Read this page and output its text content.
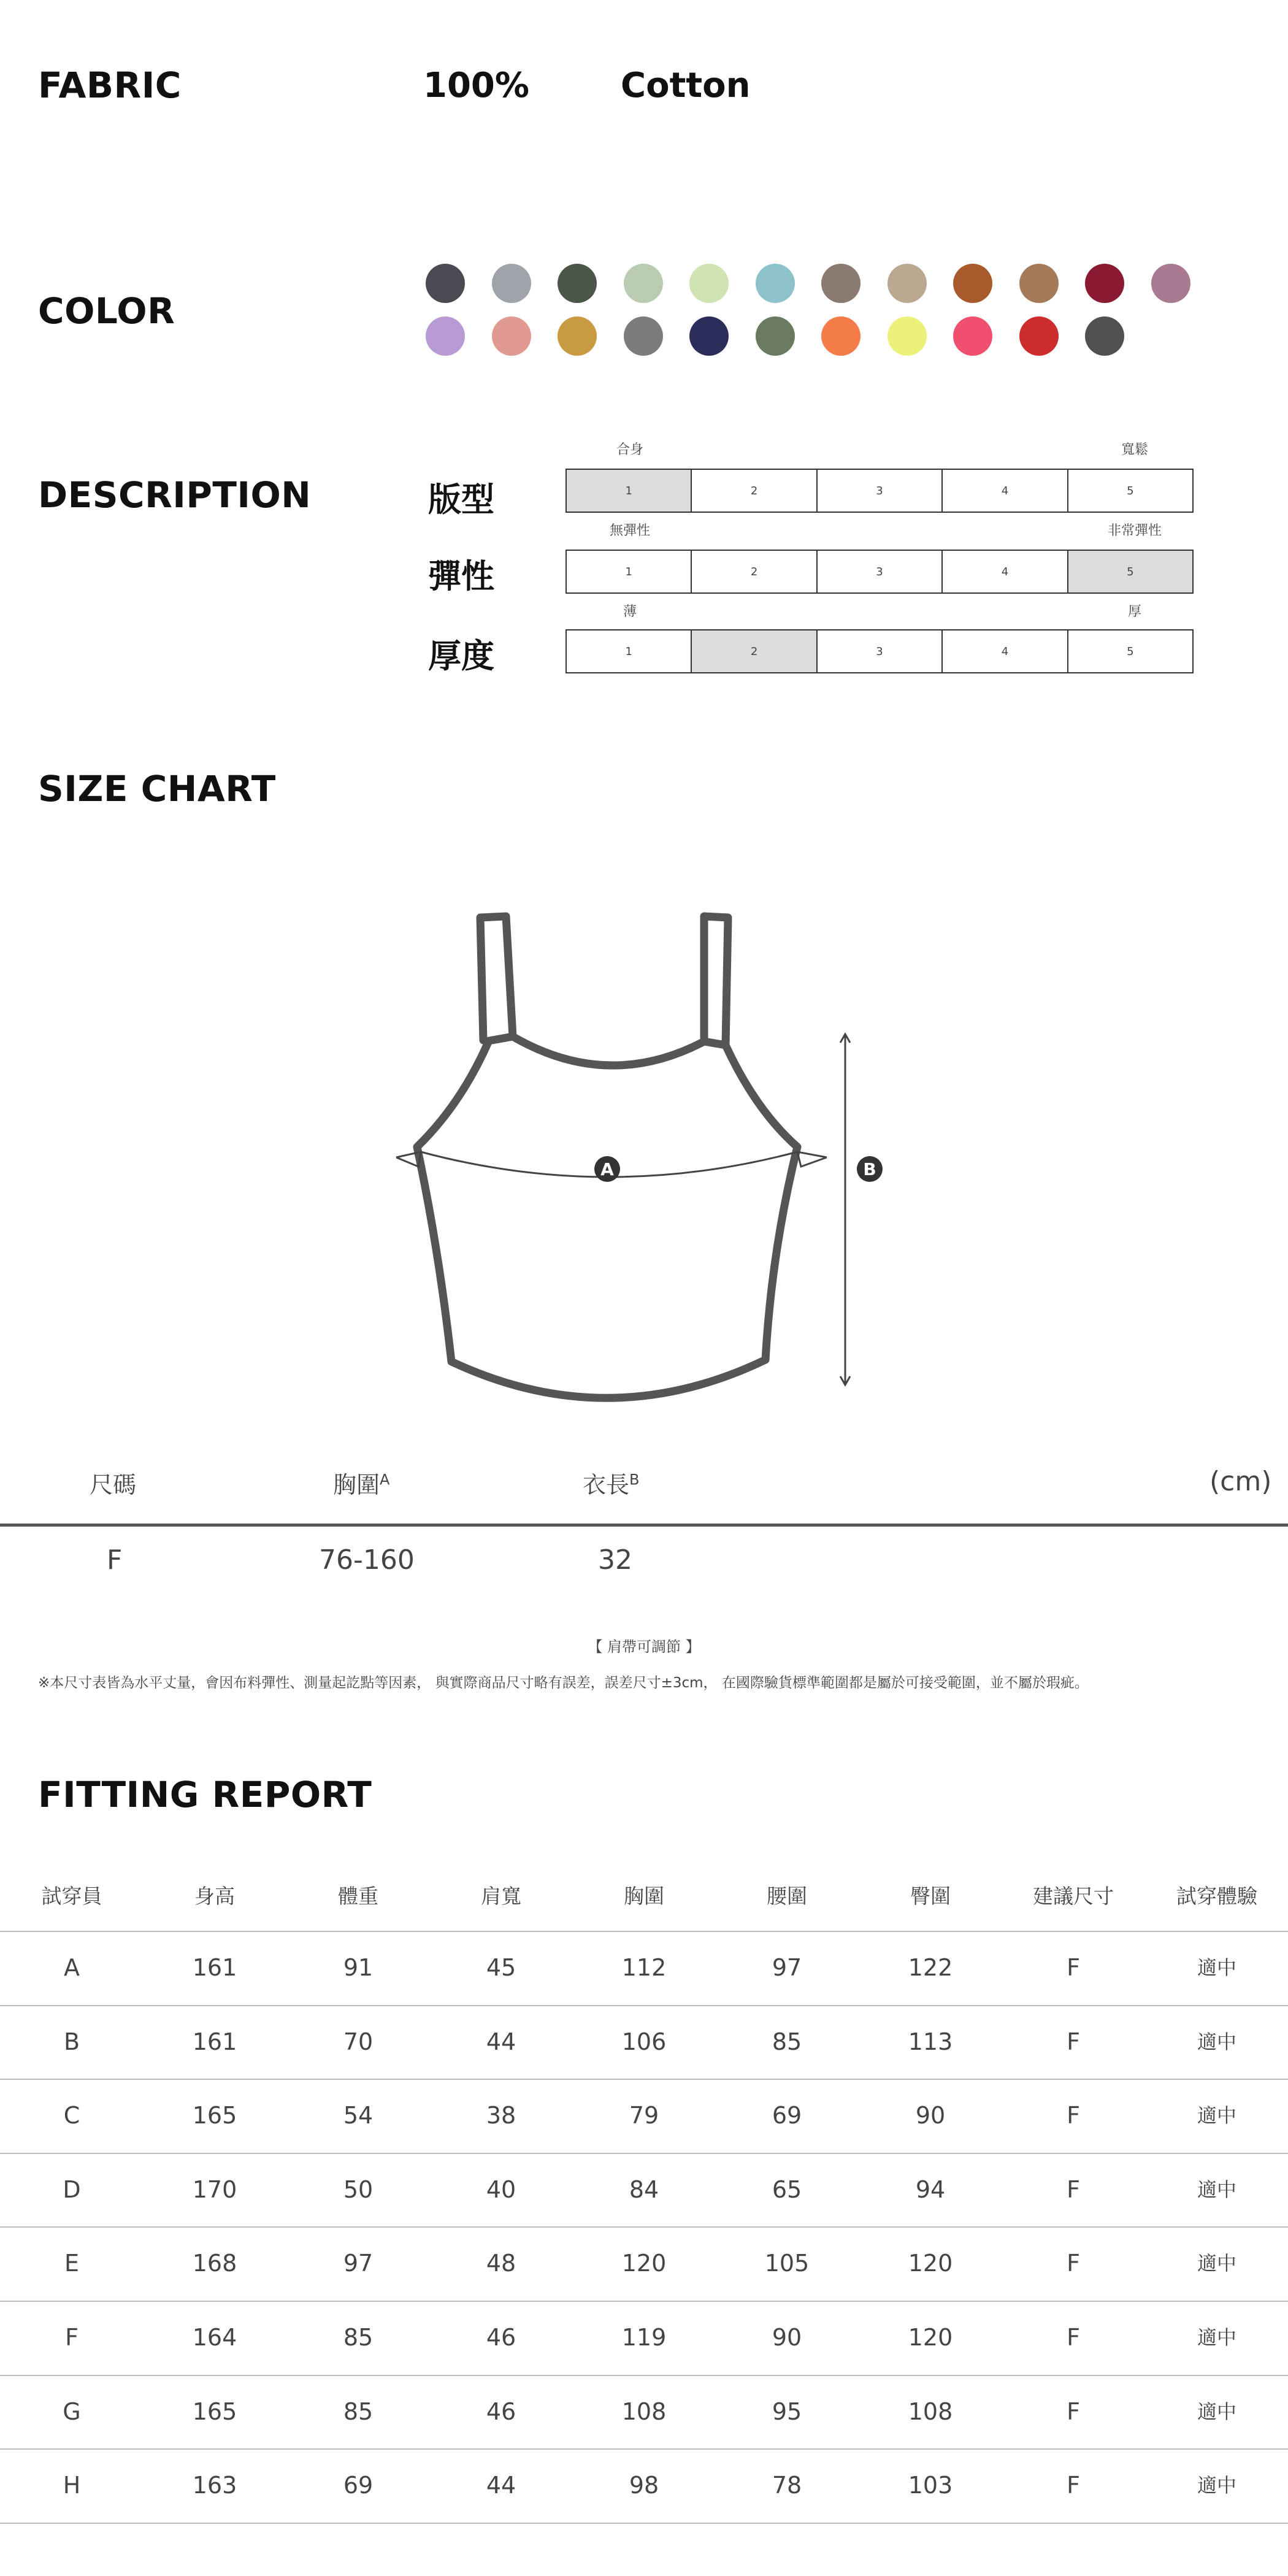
FABRIC	100%	Cotton
COLOR
DESCRIPTION	版型
合身	寬鬆
1	2	3	4	5
彈性
無彈性	非常彈性
1	2	3	4	5
厚度
薄	厚
1	2	3	4	5
SIZE CHART
A	B
尺碼	胸圍$^A$	衣長$^B$	(cm)
F	76-160	32
【 肩帶可調節 】
※本尺寸表皆為水平丈量，會因布料彈性、測量起訖點等因素， 與實際商品尺寸略有誤差，誤差尺寸±3cm， 在國際驗貨標準範圍都是屬於可接受範圍，並不屬於瑕疵。
FITTING REPORT
試穿員	身高	體重	肩寬	胸圍	腰圍	臀圍	建議尺寸	試穿體驗
A	161	91	45	112	97	122	F	適中
B	161	70	44	106	85	113	F	適中
C	165	54	38	79	69	90	F	適中
D	170	50	40	84	65	94	F	適中
E	168	97	48	120	105	120	F	適中
F	164	85	46	119	90	120	F	適中
G	165	85	46	108	95	108	F	適中
H	163	69	44	98	78	103	F	適中
